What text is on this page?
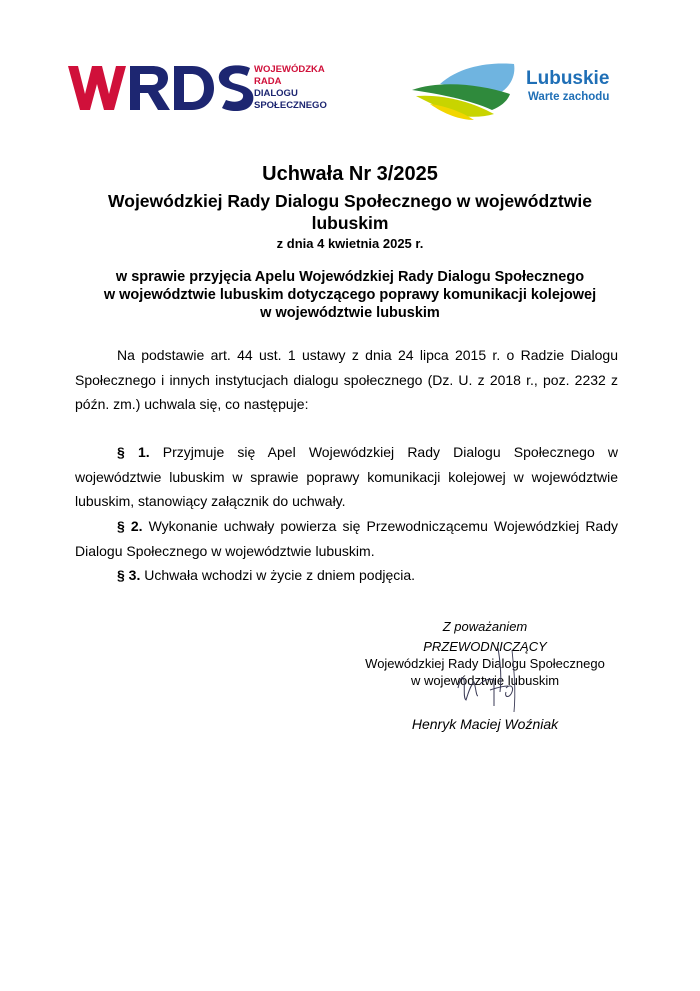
WOJEWÓDZKA
RADA
DIALOGU
SPOŁECZNEGO
Lubuskie
Warte zachodu
Uchwała Nr 3/2025
Wojewódzkiej Rady Dialogu Społecznego w województwie lubuskim
z dnia 4 kwietnia 2025 r.
w sprawie przyjęcia Apelu Wojewódzkiej Rady Dialogu Społecznego
w województwie lubuskim dotyczącego poprawy komunikacji kolejowej
w województwie lubuskim
Na podstawie art. 44 ust. 1 ustawy z dnia 24 lipca 2015 r. o Radzie Dialogu Społecznego i innych instytucjach dialogu społecznego (Dz. U. z 2018 r., poz. 2232 z późn. zm.) uchwala się, co następuje:
§ 1. Przyjmuje się Apel Wojewódzkiej Rady Dialogu Społecznego w województwie lubuskim w sprawie poprawy komunikacji kolejowej w województwie lubuskim, stanowiący załącznik do uchwały.
§ 2. Wykonanie uchwały powierza się Przewodniczącemu Wojewódzkiej Rady Dialogu Społecznego w województwie lubuskim.
§ 3. Uchwała wchodzi w życie z dniem podjęcia.
Z poważaniem
PRZEWODNICZĄCY
Wojewódzkiej Rady Dialogu Społecznego
w województwie lubuskim
Henryk Maciej Woźniak
